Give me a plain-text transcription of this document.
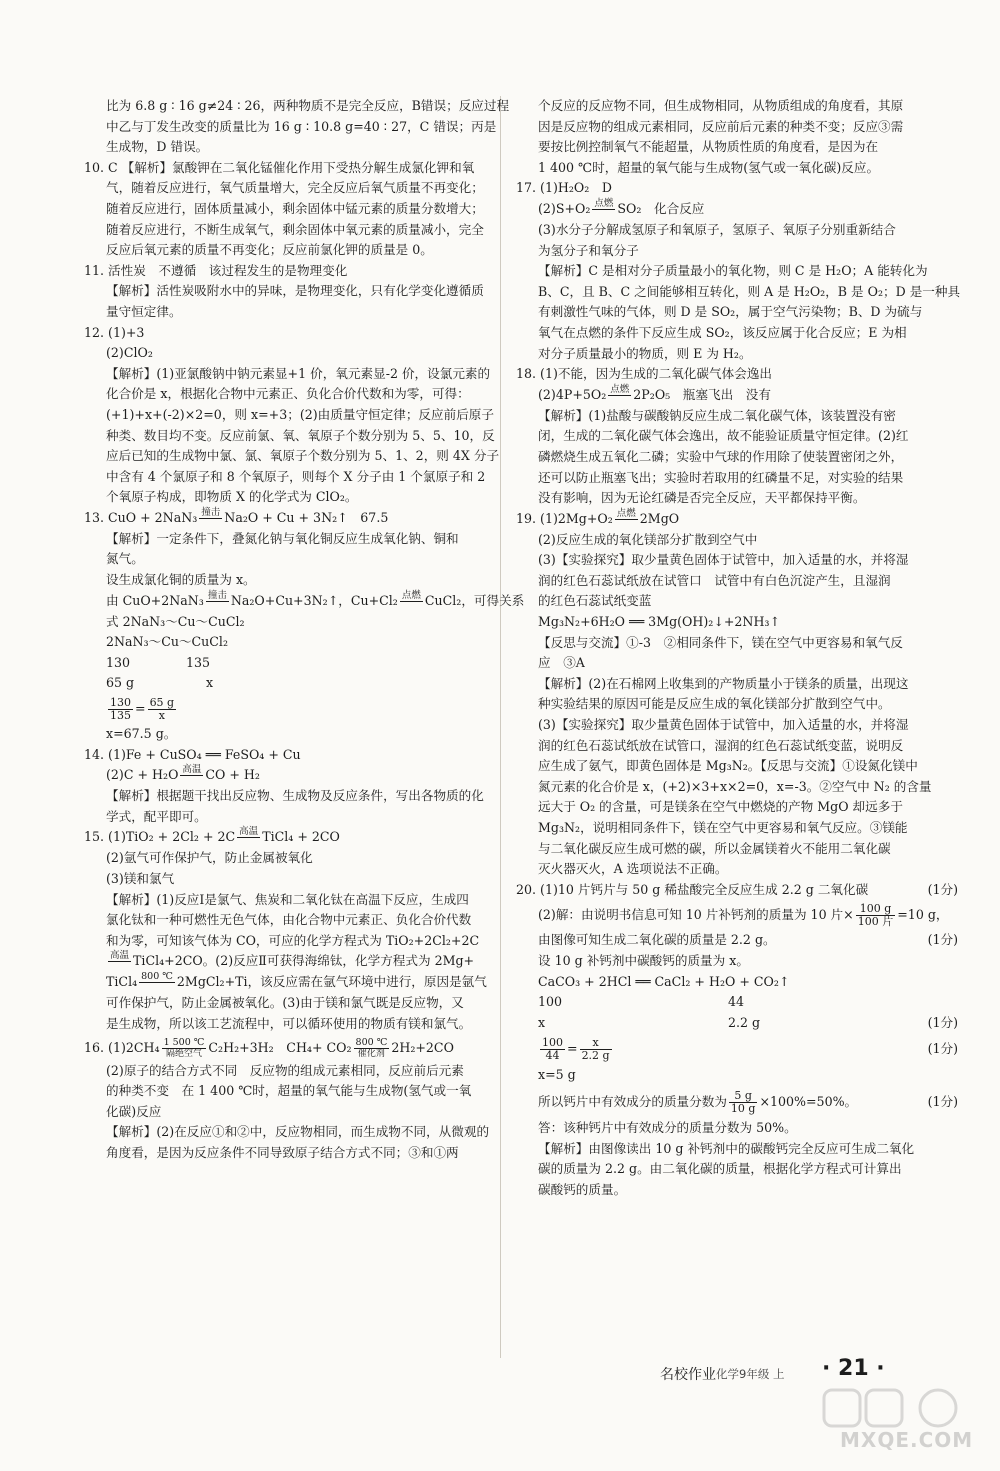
比为 6.8 g ∶ 16 g≠24 ∶ 26，两种物质不是完全反应，B错误；反应过程
中乙与丁发生改变的质量比为 16 g ∶ 10.8 g=40 ∶ 27，C 错误；丙是
生成物，D 错误。
10. C 【解析】氯酸钾在二氧化锰催化作用下受热分解生成氯化钾和氧
气，随着反应进行，氧气质量增大，完全反应后氧气质量不再变化；
随着反应进行，固体质量减小，剩余固体中锰元素的质量分数增大；
随着反应进行，不断生成氧气，剩余固体中氧元素的质量减小，完全
反应后氧元素的质量不再变化；反应前氯化钾的质量是 0。
11. 活性炭　不遵循　该过程发生的是物理变化
【解析】活性炭吸附水中的异味，是物理变化，只有化学变化遵循质
量守恒定律。
12. (1)+3
(2)ClO₂
【解析】(1)亚氯酸钠中钠元素显+1 价，氧元素显-2 价，设氯元素的
化合价是 x，根据化合物中元素正、负化合价代数和为零，可得：
(+1)+x+(-2)×2=0，则 x=+3；(2)由质量守恒定律；反应前后原子
种类、数目均不变。反应前氯、氧、氧原子个数分别为 5、5、10，反
应后已知的生成物中氯、氯、氧原子个数分别为 5、1、2，则 4X 分子
中含有 4 个氯原子和 8 个氧原子，则每个 X 分子由 1 个氯原子和 2
个氧原子构成，即物质 X 的化学式为 ClO₂。
13. CuO + 2NaN₃ 撞击
Na₂O + Cu + 3N₂↑　67.5
【解析】一定条件下，叠氮化钠与氧化铜反应生成氧化钠、铜和
氮气。
设生成氯化铜的质量为 x。
由 CuO+2NaN₃ 撞击
Na₂O+Cu+3N₂↑，Cu+Cl₂ 点燃
CuCl₂，可得关系
式 2NaN₃～Cu～CuCl₂
2NaN₃～Cu～CuCl₂
130	135
65 g	x
$\frac{130}{135} = \frac{65 g}{x}$
x=67.5 g。
14. (1)Fe + CuSO₄ ══ FeSO₄ + Cu
(2)C + H₂O 高温
CO + H₂
【解析】根据题干找出反应物、生成物及反应条件，写出各物质的化
学式，配平即可。
15. (1)TiO₂ + 2Cl₂ + 2C 高温
TiCl₄ + 2CO
(2)氩气可作保护气，防止金属被氧化
(3)镁和氯气
【解析】(1)反应Ⅰ是氯气、焦炭和二氧化钛在高温下反应，生成四
氯化钛和一种可燃性无色气体，由化合物中元素正、负化合价代数
和为零，可知该气体为 CO，可应的化学方程式为 TiO₂+2Cl₂+2C
高温
TiCl₄+2CO。(2)反应Ⅱ可获得海绵钛，化学方程式为 2Mg+
TiCl₄ 800 ℃
2MgCl₂+Ti，该反应需在氩气环境中进行，原因是氩气
可作保护气，防止金属被氧化。(3)由于镁和氯气既是反应物，又
是生成物，所以该工艺流程中，可以循环使用的物质有镁和氯气。
16. (1)2CH₄ 1 500 ℃
隔绝空气 C₂H₂+3H₂　CH₄+ CO₂ 800 ℃
催化剂 2H₂+2CO
(2)原子的结合方式不同　反应物的组成元素相同，反应前后元素
的种类不变　在 1 400 ℃时，超量的氧气能与生成物(氢气或一氧
化碳)反应
【解析】(2)在反应①和②中，反应物相同，而生成物不同，从微观的
角度看，是因为反应条件不同导致原子结合方式不同；③和①两
个反应的反应物不同，但生成物相同，从物质组成的角度看，其原
因是反应物的组成元素相同，反应前后元素的种类不变；反应③需
要按比例控制氧气不能超量，从物质性质的角度看，是因为在
1 400 ℃时，超量的氧气能与生成物(氢气或一氧化碳)反应。
17. (1)H₂O₂　D
(2)S+O₂ 点燃
SO₂　化合反应
(3)水分子分解成氢原子和氧原子，氢原子、氧原子分别重新结合
为氢分子和氧分子
【解析】C 是相对分子质量最小的氧化物，则 C 是 H₂O；A 能转化为
B、C，且 B、C 之间能够相互转化，则 A 是 H₂O₂，B 是 O₂；D 是一种具
有刺激性气味的气体，则 D 是 SO₂，属于空气污染物；B、D 为硫与
氧气在点燃的条件下反应生成 SO₂，该反应属于化合反应；E 为相
对分子质量最小的物质，则 E 为 H₂。
18. (1)不能，因为生成的二氧化碳气体会逸出
(2)4P+5O₂ 点燃
2P₂O₅　瓶塞飞出　没有
【解析】(1)盐酸与碳酸钠反应生成二氧化碳气体，该装置没有密
闭，生成的二氧化碳气体会逸出，故不能验证质量守恒定律。(2)红
磷燃烧生成五氧化二磷；实验中气球的作用除了使装置密闭之外，
还可以防止瓶塞飞出；实验时若取用的红磷量不足，对实验的结果
没有影响，因为无论红磷是否完全反应，天平都保持平衡。
19. (1)2Mg+O₂ 点燃
2MgO
(2)反应生成的氧化镁部分扩散到空气中
(3)【实验探究】取少量黄色固体于试管中，加入适量的水，并将湿
润的红色石蕊试纸放在试管口　试管中有白色沉淀产生，且湿润
的红色石蕊试纸变蓝
Mg₃N₂+6H₂O ══ 3Mg(OH)₂↓+2NH₃↑
【反思与交流】①-3　②相同条件下，镁在空气中更容易和氧气反
应　③A
【解析】(2)在石棉网上收集到的产物质量小于镁条的质量，出现这
种实验结果的原因可能是反应生成的氧化镁部分扩散到空气中。
(3)【实验探究】取少量黄色固体于试管中，加入适量的水，并将湿
润的红色石蕊试纸放在试管口，湿润的红色石蕊试纸变蓝，说明反
应生成了氨气，即黄色固体是 Mg₃N₂。【反思与交流】①设氮化镁中
氮元素的化合价是 x，(+2)×3+x×2=0，x=-3。②空气中 N₂ 的含量
远大于 O₂ 的含量，可是镁条在空气中燃烧的产物 MgO 却远多于
Mg₃N₂，说明相同条件下，镁在空气中更容易和氧气反应。③镁能
与二氧化碳反应生成可燃的碳，所以金属镁着火不能用二氧化碳
灭火器灭火，A 选项说法不正确。
20. (1)10 片钙片与 50 g 稀盐酸完全反应生成 2.2 g 二氧化碳	(1分)
(2)解：由说明书信息可知 10 片补钙剂的质量为 10 片× $\frac{100 g}{\text{100 片}} =10$ g，
由图像可知生成二氧化碳的质量是 2.2 g。	(1分)
设 10 g 补钙剂中碳酸钙的质量为 x。
CaCO₃ + 2HCl ══ CaCl₂ + H₂O + CO₂↑
100	44
x	2.2 g	(1分)
$\frac{100}{44} = \frac{x}{2.2 g}$	(1分)
x=5 g
所以钙片中有效成分的质量分数为 $\frac{5 g}{10 g} \times 100\%=50\%$。	(1分)
答：该种钙片中有效成分的质量分数为 50%。
【解析】由图像读出 10 g 补钙剂中的碳酸钙完全反应可生成二氧化
碳的质量为 2.2 g。由二氧化碳的质量，根据化学方程式可计算出
碳酸钙的质量。
名校作业 化学9年级 上 · 21 ·
MXQE.COM
